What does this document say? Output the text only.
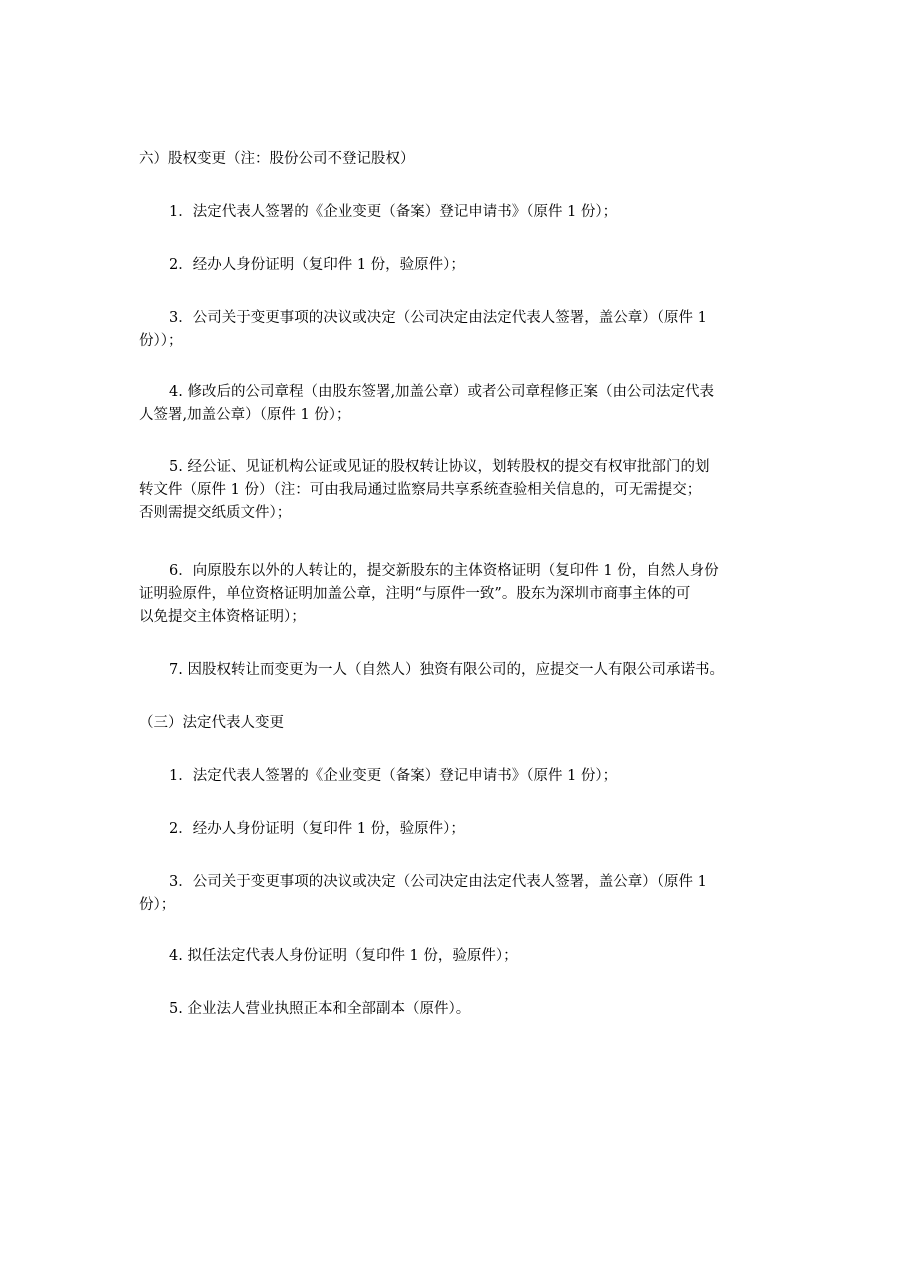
六）股权变更（注：股份公司不登记股权）
1．法定代表人签署的《企业变更（备案）登记申请书》（原件 1 份）；
2．经办人身份证明（复印件 1 份，验原件）；
3．公司关于变更事项的决议或决定（公司决定由法定代表人签署，盖公章）（原件 1
份））；
4. 修改后的公司章程（由股东签署,加盖公章）或者公司章程修正案（由公司法定代表
人签署,加盖公章）（原件 1 份）；
5. 经公证、见证机构公证或见证的股权转让协议，划转股权的提交有权审批部门的划
转文件（原件 1 份）（注：可由我局通过监察局共享系统查验相关信息的，可无需提交；
否则需提交纸质文件）；
6．向原股东以外的人转让的，提交新股东的主体资格证明（复印件 1 份，自然人身份
证明验原件，单位资格证明加盖公章，注明“与原件一致”。股东为深圳市商事主体的可
以免提交主体资格证明）；
7. 因股权转让而变更为一人（自然人）独资有限公司的，应提交一人有限公司承诺书。
（三）法定代表人变更
1．法定代表人签署的《企业变更（备案）登记申请书》（原件 1 份）；
2．经办人身份证明（复印件 1 份，验原件）；
3．公司关于变更事项的决议或决定（公司决定由法定代表人签署，盖公章）（原件 1
份）；
4. 拟任法定代表人身份证明（复印件 1 份，验原件）；
5. 企业法人营业执照正本和全部副本（原件）。
